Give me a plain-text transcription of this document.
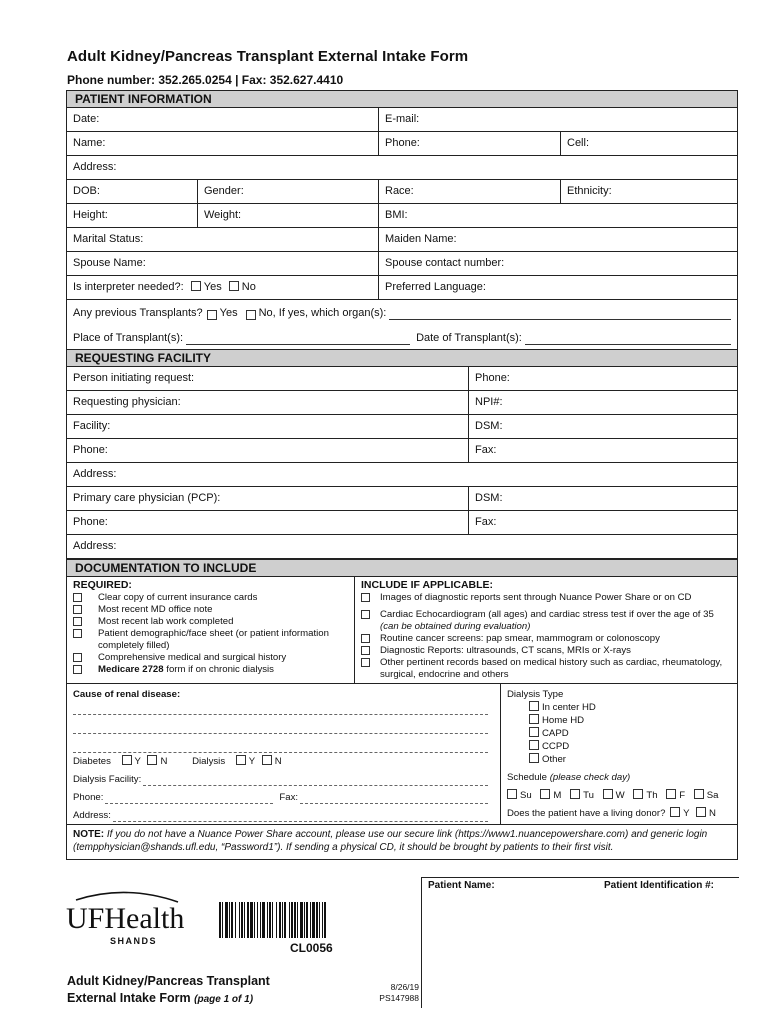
Adult Kidney/Pancreas Transplant External Intake Form
Phone number: 352.265.0254 | Fax: 352.627.4410
PATIENT INFORMATION
Date:	E-mail:
Name:	Phone:	Cell:
Address:
DOB:	Gender:	Race:	Ethnicity:
Height:	Weight:	BMI:
Marital Status:	Maiden Name:
Spouse Name:	Spouse contact number:
Is interpreter needed?: Yes No	Preferred Language:
Any previous Transplants? Yes No, If yes, which organ(s):
Place of Transplant(s):	Date of Transplant(s):
REQUESTING FACILITY
Person initiating request:	Phone:
Requesting physician:	NPI#:
Facility:	DSM:
Phone:	Fax:
Address:
Primary care physician (PCP):	DSM:
Phone:	Fax:
Address:
DOCUMENTATION TO INCLUDE
REQUIRED:
Clear copy of current insurance cards
Most recent MD office note
Most recent lab work completed
Patient demographic/face sheet (or patient information completely filled)
Comprehensive medical and surgical history
Medicare 2728 form if on chronic dialysis
INCLUDE IF APPLICABLE:
Images of diagnostic reports sent through Nuance Power Share or on CD
Cardiac Echocardiogram (all ages) and cardiac stress test if over the age of 35 (can be obtained during evaluation)
Routine cancer screens: pap smear, mammogram or colonoscopy
Diagnostic Reports: ultrasounds, CT scans, MRIs or X-rays
Other pertinent records based on medical history such as cardiac, rheumatology, surgical, endocrine and others
Cause of renal disease:
Diabetes Y N	Dialysis Y N
Dialysis Facility:
Phone:	Fax:
Address:
Dialysis Type
In center HD
Home HD
CAPD
CCPD
Other
Schedule (please check day)
Su M Tu W Th F Sa
Does the patient have a living donor? Y N
NOTE: If you do not have a Nuance Power Share account, please use our secure link (https://www1.nuancepowershare.com) and generic login (tempphysician@shands.ufl.edu, “Password1”). If sending a physical CD, it should be brought by patients to their first visit.
UFHealth
SHANDS	CL0056
Patient Name:	Patient Identification #:
Adult Kidney/Pancreas Transplant
External Intake Form (page 1 of 1)
8/26/19
PS147988
